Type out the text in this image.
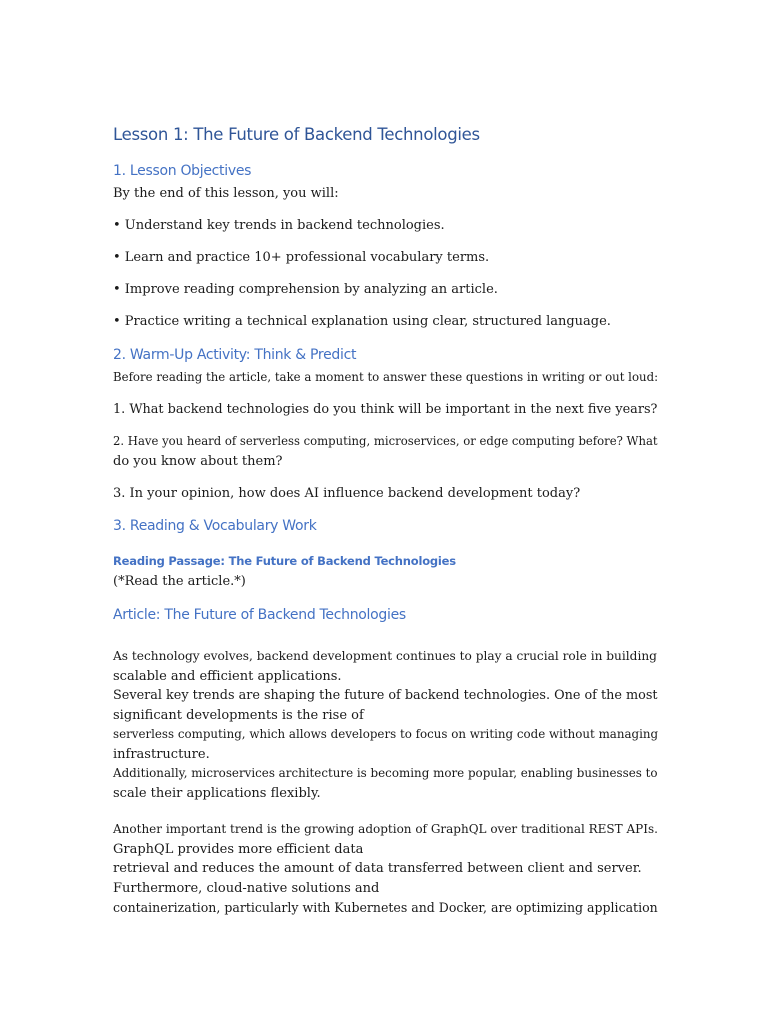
Lesson 1: The Future of Backend Technologies
1. Lesson Objectives
By the end of this lesson, you will:
• Understand key trends in backend technologies.
• Learn and practice 10+ professional vocabulary terms.
• Improve reading comprehension by analyzing an article.
• Practice writing a technical explanation using clear, structured language.
2. Warm-Up Activity: Think & Predict
Before reading the article, take a moment to answer these questions in writing or out loud:
1. What backend technologies do you think will be important in the next five years?
2. Have you heard of serverless computing, microservices, or edge computing before? What
do you know about them?
3. In your opinion, how does AI influence backend development today?
3. Reading & Vocabulary Work
Reading Passage: The Future of Backend Technologies
(*Read the article.*)
Article: The Future of Backend Technologies
As technology evolves, backend development continues to play a crucial role in building
scalable and efficient applications.
Several key trends are shaping the future of backend technologies. One of the most
significant developments is the rise of
serverless computing, which allows developers to focus on writing code without managing
infrastructure.
Additionally, microservices architecture is becoming more popular, enabling businesses to
scale their applications flexibly.
Another important trend is the growing adoption of GraphQL over traditional REST APIs.
GraphQL provides more efficient data
retrieval and reduces the amount of data transferred between client and server.
Furthermore, cloud-native solutions and
containerization, particularly with Kubernetes and Docker, are optimizing application
